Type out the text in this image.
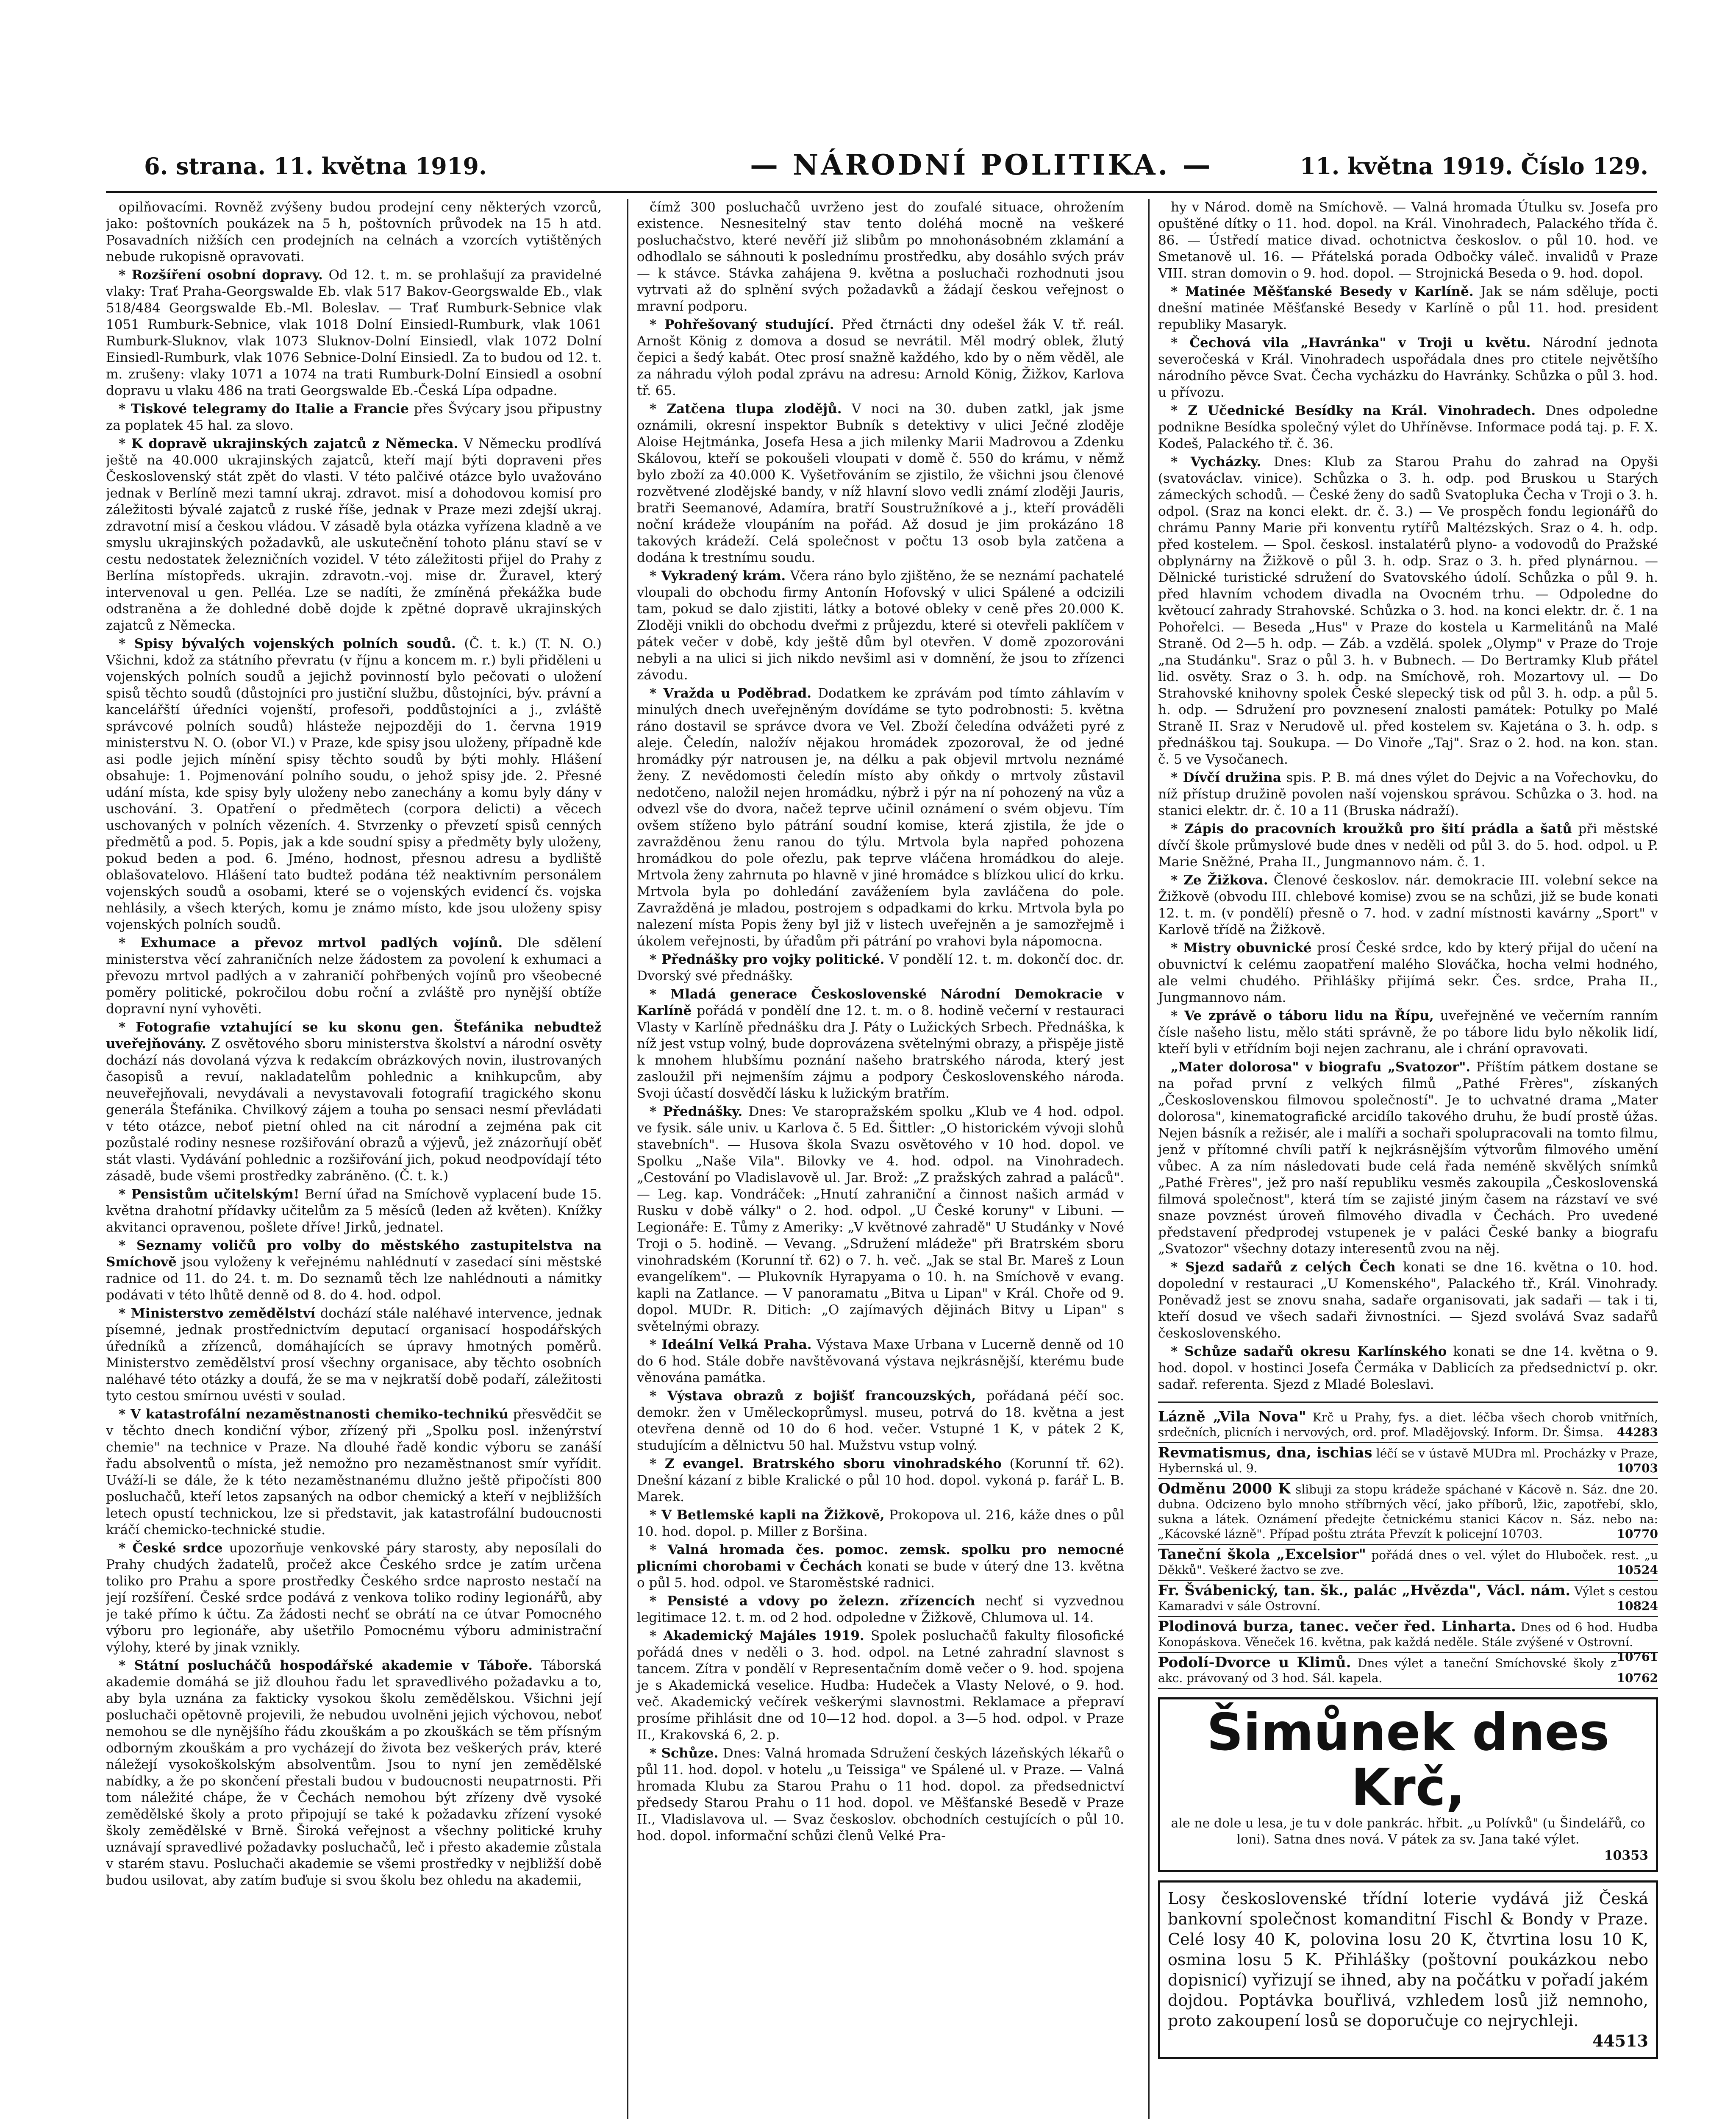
6. strana. 11. května 1919.	— NÁRODNÍ POLITIKA. —	11. května 1919. Číslo 129.

opilňovacími. Rovněž zvýšeny budou prodejní ceny některých vzorců, jako: poštovních poukázek na 5 h, poštovních průvodek na 15 h atd. Posavadních nižších cen prodejních na celnách a vzorcích vytištěných nebude rukopisně opravovati.

* Rozšíření osobní dopravy. Od 12. t. m. se prohlašují za pravidelné vlaky: Trať Praha-Georgswalde Eb. vlak 517 Bakov-Georgswalde Eb., vlak 518/484 Georgswalde Eb.-Ml. Boleslav. — Trať Rumburk-Sebnice vlak 1051 Rumburk-Sebnice, vlak 1018 Dolní Einsiedl-Rumburk, vlak 1061 Rumburk-Sluknov, vlak 1073 Sluknov-Dolní Einsiedl, vlak 1072 Dolní Einsiedl-Rumburk, vlak 1076 Sebnice-Dolní Einsiedl. Za to budou od 12. t. m. zrušeny: vlaky 1071 a 1074 na trati Rumburk-Dolní Einsiedl a osobní dopravu u vlaku 486 na trati Georgswalde Eb.-Česká Lípa odpadne.

* Tiskové telegramy do Italie a Francie přes Švýcary jsou připustny za poplatek 45 hal. za slovo.

* K dopravě ukrajinských zajatců z Německa. V Německu prodlívá ještě na 40.000 ukrajinských zajatců, kteří mají býti dopraveni přes Československý stát zpět do vlasti. V této palčivé otázce bylo uvažováno jednak v Berlíně mezi tamní ukraj. zdravot. misí a dohodovou komisí pro záležitosti bývalé zajatců z ruské říše, jednak v Praze mezi zdejší ukraj. zdravotní misí a českou vládou. V zásadě byla otázka vyřízena kladně a ve smyslu ukrajinských požadavků, ale uskutečnění tohoto plánu staví se v cestu nedostatek železničních vozidel. V této záležitosti přijel do Prahy z Berlína místopředs. ukrajin. zdravotn.-voj. mise dr. Žuravel, který intervenoval u gen. Pelléa. Lze se nadíti, že zmíněná překážka bude odstraněna a že dohledné době dojde k zpětné dopravě ukrajinských zajatců z Německa.

* Spisy bývalých vojenských polních soudů. (Č. t. k.) (T. N. O.) Všichni, kdož za státního převratu (v říjnu a koncem m. r.) byli přiděleni u vojenských polních soudů a jejichž povinností bylo pečovati o uložení spisů těchto soudů (důstojníci pro justiční službu, důstojníci, býv. právní a kancelářští úředníci vojenští, profesoři, poddůstojníci a j., zvláště správcové polních soudů) hlásteže nejpozději do 1. června 1919 ministerstvu N. O. (obor VI.) v Praze, kde spisy jsou uloženy, případně kde asi podle jejich mínění spisy těchto soudů by býti mohly. Hlášení obsahuje: 1. Pojmenování polního soudu, o jehož spisy jde. 2. Přesné udání místa, kde spisy byly uloženy nebo zanechány a komu byly dány v uschování. 3. Opatření o předmětech (corpora delicti) a věcech uschovaných v polních vězeních. 4. Stvrzenky o převzetí spisů cenných předmětů a pod. 5. Popis, jak a kde soudní spisy a předměty byly uloženy, pokud beden a pod. 6. Jméno, hodnost, přesnou adresu a bydliště oblašovatelovo. Hlášení tato budtež podána též neaktivním personálem vojenských soudů a osobami, které se o vojenských evidencí čs. vojska nehlásily, a všech kterých, komu je známo místo, kde jsou uloženy spisy vojenských polních soudů.

* Exhumace a převoz mrtvol padlých vojínů. Dle sdělení ministerstva věcí zahraničních nelze žádostem za povolení k exhumaci a převozu mrtvol padlých a v zahraničí pohřbených vojínů pro všeobecné poměry politické, pokročilou dobu roční a zvláště pro nynější obtíže dopravní nyní vyhověti.

* Fotografie vztahující se ku skonu gen. Štefánika nebudtež uveřejňovány. Z osvětového sboru ministerstva školství a národní osvěty dochází nás dovolaná výzva k redakcím obrázkových novin, ilustrovaných časopisů a revuí, nakladatelům pohlednic a knihkupcům, aby neuveřejňovali, nevydávali a nevystavovali fotografií tragického skonu generála Štefánika. Chvilkový zájem a touha po sensaci nesmí převládati v této otázce, neboť pietní ohled na cit národní a zejména pak cit pozůstalé rodiny nesnese rozšiřování obrazů a výjevů, jež znázorňují oběť stát vlasti. Vydávání pohlednic a rozšiřování jich, pokud neodpovídají této zásadě, bude všemi prostředky zabráněno. (Č. t. k.)

* Pensistům učitelským! Berní úřad na Smíchově vyplacení bude 15. května drahotní přídavky učitelům za 5 měsíců (leden až květen). Knížky akvitanci opravenou, pošlete dříve! Jirků, jednatel.

* Seznamy voličů pro volby do městského zastupitelstva na Smíchově jsou vyloženy k veřejnému nahlédnutí v zasedací síni městské radnice od 11. do 24. t. m. Do seznamů těch lze nahlédnouti a námitky podávati v této lhůtě denně od 8. do 4. hod. odpol.

* Ministerstvo zemědělství dochází stále naléhavé intervence, jednak písemné, jednak prostřednictvím deputací organisací hospodářských úředníků a zřízenců, domáhajících se úpravy hmotných poměrů. Ministerstvo zemědělství prosí všechny organisace, aby těchto osobních naléhavé této otázky a doufá, že se ma v nejkratší době podaří, záležitosti tyto cestou smírnou uvésti v soulad.

* V katastrofální nezaměstnanosti chemiko-technikú přesvědčit se v těchto dnech kondiční výbor, zřízený při „Spolku posl. inženýrství chemie" na technice v Praze. Na dlouhé řadě kondic výboru se zanáší řadu absolventů o místa, jež nemožno pro nezaměstnanost smír vyřídit. Uváží-li se dále, že k této nezaměstnanému dlužno ještě připočísti 800 posluchačů, kteří letos zapsaných na odbor chemický a kteří v nejbližších letech opustí technickou, lze si představit, jak katastrofální budoucnosti kráčí chemicko-technické studie.

* České srdce upozorňuje venkovské páry starosty, aby neposílali do Prahy chudých žadatelů, pročež akce Českého srdce je zatím určena toliko pro Prahu a spore prostředky Českého srdce naprosto nestačí na její rozšíření. České srdce podává z venkova toliko rodiny legionářů, aby je také přímo k účtu. Za žádosti nechť se obrátí na ce útvar Pomocného výboru pro legionáře, aby ušetřilo Pomocnému výboru administrační výlohy, které by jinak vznikly.

* Státní poslucháčů hospodářské akademie v Táboře. Táborská akademie domáhá se již dlouhou řadu let spravedlivého požadavku a to, aby byla uznána za fakticky vysokou školu zemědělskou. Všichni její posluchači opětovně projevili, že nebudou uvolněni jejich výchovou, neboť nemohou se dle nynějšího řádu zkouškám a po zkouškách se těm přísným odborným zkouškám a pro vycházejí do života bez veškerých práv, které náležejí vysokoškolským absolventům. Jsou to nyní jen zemědělské nabídky, a že po skončení přestali budou v budoucnosti neupatrnosti. Při tom náležité chápe, že v Čechách nemohou být zřízeny dvě vysoké zemědělské školy a proto připojují se také k požadavku zřízení vysoké školy zemědělské v Brně. Široká veřejnost a všechny politické kruhy uznávají spravedlivé požadavky posluchačů, leč i přesto akademie zůstala v starém stavu. Posluchači akademie se všemi prostředky v nejbližší době budou usilovat, aby zatím buďuje si svou školu bez ohledu na akademii,

čímž 300 posluchačů uvrženo jest do zoufalé situace, ohrožením existence. Nesnesitelný stav tento doléhá mocně na veškeré posluchačstvo, které nevěří již slibům po mnohonásobném zklamání a odhodlalo se sáhnouti k poslednímu prostředku, aby dosáhlo svých práv — k stávce. Stávka zahájena 9. května a posluchači rozhodnuti jsou vytrvati až do splnění svých požadavků a žádají českou veřejnost o mravní podporu.

* Pohřešovaný studující. Před čtrnácti dny odešel žák V. tř. reál. Arnošt König z domova a dosud se nevrátil. Měl modrý oblek, žlutý čepici a šedý kabát. Otec prosí snažně každého, kdo by o něm věděl, ale za náhradu výloh podal zprávu na adresu: Arnold König, Žižkov, Karlova tř. 65.

* Zatčena tlupa zlodějů. V noci na 30. duben zatkl, jak jsme oznámili, okresní inspektor Bubník s detektivy v ulici Ječné zloděje Aloise Hejtmánka, Josefa Hesa a jich milenky Marii Madrovou a Zdenku Skálovou, kteří se pokoušeli vloupati v domě č. 550 do krámu, v němž bylo zboží za 40.000 K. Vyšetřováním se zjistilo, že všichni jsou členové rozvětvené zlodějské bandy, v níž hlavní slovo vedli známí zloději Jauris, bratři Seemanové, Adamíra, bratří Soustružníkové a j., kteří prováděli noční krádeže vloupáním na pořád. Až dosud je jim prokázáno 18 takových krádeží. Celá společnost v počtu 13 osob byla zatčena a dodána k trestnímu soudu.

* Vykradený krám. Včera ráno bylo zjištěno, že se neznámí pachatelé vloupali do obchodu firmy Antonín Hofovský v ulici Spálené a odcizili tam, pokud se dalo zjistiti, látky a botové obleky v ceně přes 20.000 K. Zloději vnikli do obchodu dveřmi z průjezdu, které si otevřeli paklíčem v pátek večer v době, kdy ještě dům byl otevřen. V domě zpozorováni nebyli a na ulici si jich nikdo nevšiml asi v domnění, že jsou to zřízenci závodu.

* Vražda u Poděbrad. Dodatkem ke zprávám pod tímto záhlavím v minulých dnech uveřejněným dovídáme se tyto podrobnosti: 5. května ráno dostavil se správce dvora ve Vel. Zboží čeledína odvážeti pyré z aleje. Čeledín, naložív nějakou hromádek zpozoroval, že od jedné hromádky pýr natrousen je, na délku a pak objevil mrtvolu neznámé ženy. Z nevědomosti čeledín místo aby oňkdy o mrtvoly zůstavil nedotčeno, naložil nejen hromádku, nýbrž i pýr na ní pohozený na vůz a odvezl vše do dvora, načež teprve učinil oznámení o svém objevu. Tím ovšem stíženo bylo pátrání soudní komise, která zjistila, že jde o zavražděnou ženu ranou do týlu. Mrtvola byla napřed pohozena hromádkou do pole ořezlu, pak teprve vláčena hromádkou do aleje. Mrtvola ženy zahrnuta po hlavně v jiné hromádce s blízkou ulicí do krku. Mrtvola byla po dohledání zaváženíem byla zavláčena do pole. Zavražděná je mladou, postrojem s odpadkami do krku. Mrtvola byla po nalezení místa Popis ženy byl již v listech uveřejněn a je samozřejmě i úkolem veřejnosti, by úřadům při pátrání po vrahovi byla nápomocna.

* Přednášky pro vojky politické. V pondělí 12. t. m. dokončí doc. dr. Dvorský své přednášky.

* Mladá generace Československé Národní Demokracie v Karlíně pořádá v pondělí dne 12. t. m. o 8. hodině večerní v restauraci Vlasty v Karlíně přednášku dra J. Páty o Lužických Srbech. Přednáška, k níž jest vstup volný, bude doprovázena světelnými obrazy, a přispěje jistě k mnohem hlubšímu poznání našeho bratrského národa, který jest zasloužil při nejmenším zájmu a podpory Československého národa. Svoji účastí dosvědčí lásku k lužickým bratřím.

* Přednášky. Dnes: Ve staropražském spolku „Klub ve 4 hod. odpol. ve fysik. sále univ. u Karlova č. 5 Ed. Šittler: „O historickém vývoji slohů stavebních". — Husova škola Svazu osvětového v 10 hod. dopol. ve Spolku „Naše Vila". Bilovky ve 4. hod. odpol. na Vinohradech. „Cestování po Vladislavově ul. Jar. Brož: „Z pražských zahrad a paláců". — Leg. kap. Vondráček: „Hnutí zahraniční a činnost našich armád v Rusku v době války" o 2. hod. odpol. „U České koruny" v Libuni. — Legionáře: E. Tůmy z Ameriky: „V květnové zahradě" U Studánky v Nové Troji o 5. hodině. — Vevang. „Sdružení mládeže" při Bratrském sboru vinohradském (Korunní tř. 62) o 7. h. več. „Jak se stal Br. Mareš z Loun evangelíkem". — Plukovník Hyrapyama o 10. h. na Smíchově v evang. kapli na Zatlance. — V panoramatu „Bitva u Lipan" v Král. Choře od 9. dopol. MUDr. R. Ditich: „O zajímavých dějinách Bitvy u Lipan" s světelnými obrazy.

* Ideální Velká Praha. Výstava Maxe Urbana v Lucerně denně od 10 do 6 hod. Stále dobře navštěvovaná výstava nejkrásnější, kterému bude věnována památka.

* Výstava obrazů z bojišť francouzských, pořádaná péčí soc. demokr. žen v Uměleckoprůmysl. museu, potrvá do 18. května a jest otevřena denně od 10 do 6 hod. večer. Vstupné 1 K, v pátek 2 K, studujícím a dělnictvu 50 hal. Mužstvu vstup volný.

* Z evangel. Bratrského sboru vinohradského (Korunní tř. 62). Dnešní kázaní z bible Kralické o půl 10 hod. dopol. vykoná p. farář L. B. Marek.

* V Betlemské kapli na Žižkově, Prokopova ul. 216, káže dnes o půl 10. hod. dopol. p. Miller z Boršina.

* Valná hromada čes. pomoc. zemsk. spolku pro nemocné plicními chorobami v Čechách konati se bude v úterý dne 13. května o půl 5. hod. odpol. ve Staroměstské radnici.

* Pensisté a vdovy po železn. zřízencích nechť si vyzvednou legitimace 12. t. m. od 2 hod. odpoledne v Žižkově, Chlumova ul. 14.

* Akademický Majáles 1919. Spolek posluchačů fakulty filosofické pořádá dnes v neděli o 3. hod. odpol. na Letné zahradní slavnost s tancem. Zítra v pondělí v Representačním domě večer o 9. hod. spojena je s Akademická veselice. Hudba: Hudeček a Vlasty Nelové, o 9. hod. več. Akademický večírek veškerými slavnostmi. Reklamace a přepraví prosíme přihlásit dne od 10—12 hod. dopol. a 3—5 hod. odpol. v Praze II., Krakovská 6, 2. p.

* Schůze. Dnes: Valná hromada Sdružení českých lázeňských lékařů o půl 11. hod. dopol. v hotelu „u Teissiga" ve Spálené ul. v Praze. — Valná hromada Klubu za Starou Prahu o 11 hod. dopol. za předsednictví předsedy Starou Prahu o 11 hod. dopol. ve Měšťanské Besedě v Praze II., Vladislavova ul. — Svaz českoslov. obchodních cestujících o půl 10. hod. dopol. informační schůzi členů Velké Pra-

hy v Národ. domě na Smíchově. — Valná hromada Útulku sv. Josefa pro opuštěné dítky o 11. hod. dopol. na Král. Vinohradech, Palackého třída č. 86. — Ústředí matice divad. ochotnictva českoslov. o půl 10. hod. ve Smetanově ul. 16. — Přátelská porada Odbočky váleč. invalidů v Praze VIII. stran domovin o 9. hod. dopol. — Strojnická Beseda o 9. hod. dopol.

* Matinée Měšťanské Besedy v Karlíně. Jak se nám sděluje, pocti dnešní matinée Měšťanské Besedy v Karlíně o půl 11. hod. president republiky Masaryk.

* Čechová vila „Havránka" v Troji u květu. Národní jednota severočeská v Král. Vinohradech uspořádala dnes pro ctitele největšího národního pěvce Svat. Čecha vycházku do Havránky. Schůzka o půl 3. hod. u přívozu.

* Z Učednické Besídky na Král. Vinohradech. Dnes odpoledne podnikne Besídka společný výlet do Uhříněvse. Informace podá taj. p. F. X. Kodeš, Palackého tř. č. 36.

* Vycházky. Dnes: Klub za Starou Prahu do zahrad na Opyši (svatováclav. vinice). Schůzka o 3. h. odp. pod Bruskou u Starých zámeckých schodů. — České ženy do sadů Svatopluka Čecha v Troji o 3. h. odpol. (Sraz na konci elekt. dr. č. 3.) — Ve prospěch fondu legionářů do chrámu Panny Marie při konventu rytířů Maltézských. Sraz o 4. h. odp. před kostelem. — Spol. českosl. instalatérů plyno- a vodovodů do Pražské obplynárny na Žižkově o půl 3. h. odp. Sraz o 3. h. před plynárnou. — Dělnické turistické sdružení do Svatovského údolí. Schůzka o půl 9. h. před hlavním vchodem divadla na Ovocném trhu. — Odpoledne do květoucí zahrady Strahovské. Schůzka o 3. hod. na konci elektr. dr. č. 1 na Pohořelci. — Beseda „Hus" v Praze do kostela u Karmelitánů na Malé Straně. Od 2—5 h. odp. — Záb. a vzdělá. spolek „Olymp" v Praze do Troje „na Studánku". Sraz o půl 3. h. v Bubnech. — Do Bertramky Klub přátel lid. osvěty. Sraz o 3. h. odp. na Smíchově, roh. Mozartovy ul. — Do Strahovské knihovny spolek České slepecký tisk od půl 3. h. odp. a půl 5. h. odp. — Sdružení pro povznesení znalosti památek: Potulky po Malé Straně II. Sraz v Nerudově ul. před kostelem sv. Kajetána o 3. h. odp. s přednáškou taj. Soukupa. — Do Vinoře „Taj". Sraz o 2. hod. na kon. stan. č. 5 ve Vysočanech.

* Dívčí družina spis. P. B. má dnes výlet do Dejvic a na Vořechovku, do níž přístup družině povolen naší vojenskou správou. Schůzka o 3. hod. na stanici elektr. dr. č. 10 a 11 (Bruska nádraží).

* Zápis do pracovních kroužků pro šití prádla a šatů při městské dívčí škole průmyslové bude dnes v neděli od půl 3. do 5. hod. odpol. u P. Marie Sněžné, Praha II., Jungmannovo nám. č. 1.

* Ze Žižkova. Členové českoslov. nár. demokracie III. volební sekce na Žižkově (obvodu III. chlebové komise) zvou se na schůzi, již se bude konati 12. t. m. (v pondělí) přesně o 7. hod. v zadní místnosti kavárny „Sport" v Karlově třídě na Žižkově.

* Mistry obuvnické prosí České srdce, kdo by který přijal do učení na obuvnictví k celému zaopatření malého Slováčka, hocha velmi hodného, ale velmi chudého. Přihlášky přijímá sekr. Čes. srdce, Praha II., Jungmannovo nám.

* Ve zprávě o táboru lidu na Řípu, uveřejněné ve večerním ranním čísle našeho listu, mělo státi správně, že po tábore lidu bylo několik lidí, kteří byli v etřídním boji nejen zachranu, ale i chrání opravovati.

„Mater dolorosa" v biografu „Svatozor". Příštím pátkem dostane se na pořad první z velkých filmů „Pathé Frères", získaných „Československou filmovou společností". Je to uchvatné drama „Mater dolorosa", kinematografické arcidílo takového druhu, že budí prostě úžas. Nejen básník a režisér, ale i malíři a sochaři spolupracovali na tomto filmu, jenž v přítomné chvíli patří k nejkrásnějším výtvorům filmového umění vůbec. A za ním následovati bude celá řada neméně skvělých snímků „Pathé Frères", jež pro naší republiku vesměs zakoupila „Československá filmová společnost", která tím se zajisté jiným časem na rázstaví ve své snaze povznést úroveň filmového divadla v Čechách. Pro uvedené představení předprodej vstupenek je v paláci České banky a biografu „Svatozor" všechny dotazy interesentů zvou na něj.

* Sjezd sadařů z celých Čech konati se dne 16. května o 10. hod. dopolední v restauraci „U Komenského", Palackého tř., Král. Vinohrady. Poněvadž jest se znovu snaha, sadaře organisovati, jak sadaři — tak i ti, kteří dosud ve všech sadaři živnostníci. — Sjezd svolává Svaz sadařů československého.

* Schůze sadařů okresu Karlínského konati se dne 14. května o 9. hod. dopol. v hostinci Josefa Čermáka v Dablicích za předsednictví p. okr. sadař. referenta. Sjezd z Mladé Boleslavi.

Lázně „Vila Nova" Krč u Prahy, fys. a diet. léčba všech chorob vnitřních, srdečních, plicních i nervových, ord. prof. Mladějovský. Inform. Dr. Šimsa. 44283
Revmatismus, dna, ischias léčí se v ústavě MUDra ml. Procházky v Praze, Hybernská ul. 9.	10703
Odměnu 2000 K slibuji za stopu krádeže spáchané v Kácově n. Sáz. dne 20. dubna. Odcizeno bylo mnoho stříbrných věcí, jako příborů, lžic, zapotřebí, sklo, sukna a látek. Oznámení předejte četnickému stanici Kácov n. Sáz. nebo na: „Kácovské lázně". Případ poštu ztráta Převzít k policejní 10703.	10770
Taneční škola „Excelsior" pořádá dnes o vel. výlet do Hluboček. rest. „u Děkků". Veškeré žactvo se zve.	10524
Fr. Švábenický, tan. šk., palác „Hvězda", Václ. nám. Výlet s cestou Kamaradvi v sále Ostrovní.	10824
Plodinová burza, tanec. večer řed. Linharta. Dnes od 6 hod. Hudba Konopáskova. Věneček 16. května, pak každá neděle. Stále zvýšené v Ostrovní.
10761
Podolí-Dvorce u Klimů. Dnes výlet a taneční Smíchovské školy z akc. právovaný od 3 hod. Sál. kapela.	10762
Šimůnek dnes Krč,
ale ne dole u lesa, je tu v dole pankrác. hřbit. „u Polívků" (u Šindelářů, co loni). Satna dnes nová. V pátek za sv. Jana také výlet.
10353
Losy československé třídní loterie vydává již Česká bankovní společnost komanditní Fischl & Bondy v Praze. Celé losy 40 K, polovina losu 20 K, čtvrtina losu 10 K, osmina losu 5 K. Přihlášky (poštovní poukázkou nebo dopisnicí) vyřizují se ihned, aby na počátku v pořadí jakém dojdou. Poptávka bouřlivá, vzhledem losů již nemnoho, proto zakoupení losů se doporučuje co nejrychleji.
44513
